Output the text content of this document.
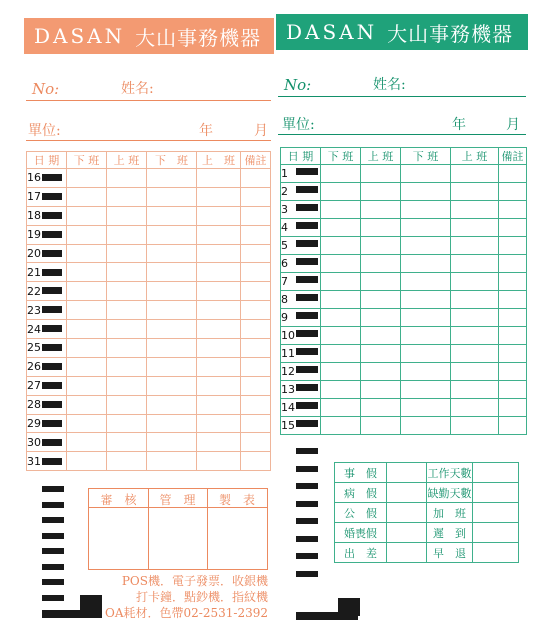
DASAN 大山事務機器
No:	姓名:
單位:	年	月
日 期	下 班	上 班	下　班	上　班	備註
16					
17					
18					
19					
20					
21					
22					
23					
24					
25					
26					
27					
28					
29					
30					
31					
審　核	管　理	製　表
POS機．電子發票．收銀機
打卡鐘．點鈔機．指紋機
OA耗材．色帶02-2531-2392
DASAN 大山事務機器
No:	姓名:
單位:	年	月
日 期	下 班	上 班	下 班	上 班	備註
1					
2					
3					
4					
5					
6					
7					
8					
9					
10					
11					
12					
13					
14					
15					
事　假		工作天數	
病　假		缺勤天數	
公　假		加　班	
婚喪假		遲　到	
出　差		早　退	
